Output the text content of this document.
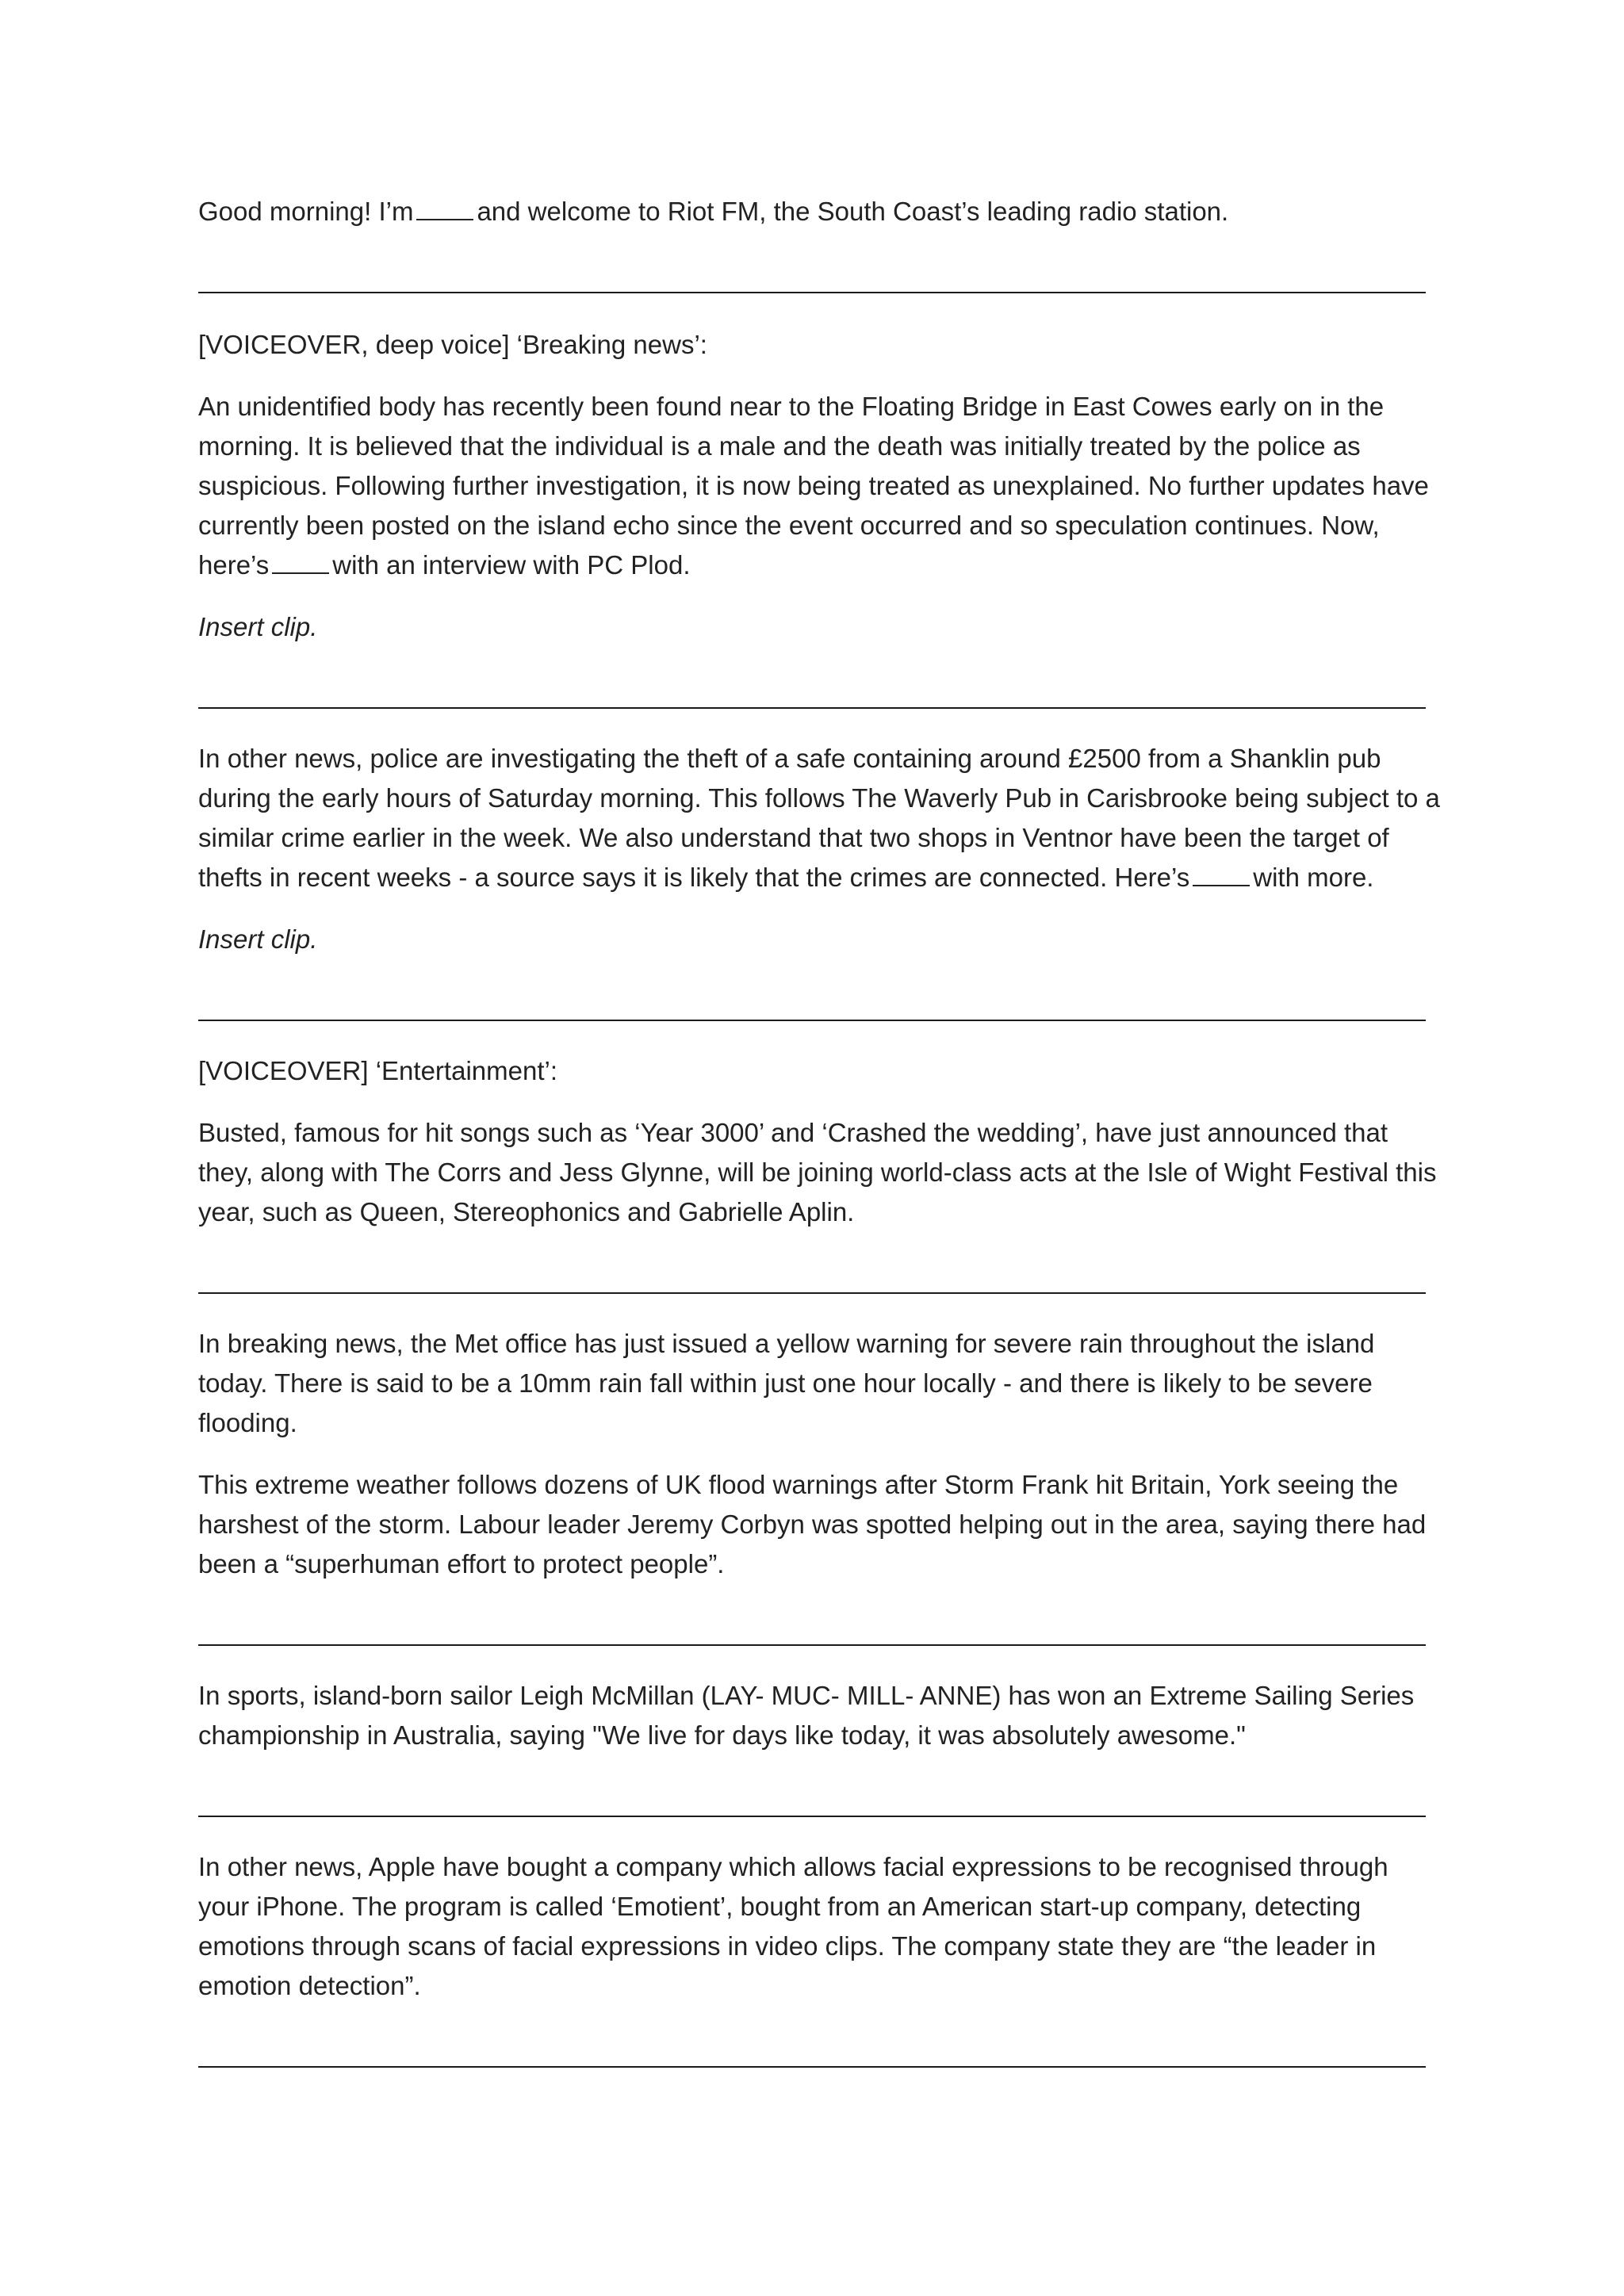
Good morning! I’m and welcome to Riot FM, the South Coast’s leading radio station.

[VOICEOVER, deep voice] ‘Breaking news’:

An unidentified body has recently been found near to the Floating Bridge in East Cowes early on in the morning. It is believed that the individual is a male and the death was initially treated by the police as suspicious. Following further investigation, it is now being treated as unexplained. No further updates have currently been posted on the island echo since the event occurred and so speculation continues. Now, here’s with an interview with PC Plod.

Insert clip.

In other news, police are investigating the theft of a safe containing around £2500 from a Shanklin pub during the early hours of Saturday morning. This follows The Waverly Pub in Carisbrooke being subject to a similar crime earlier in the week. We also understand that two shops in Ventnor have been the target of thefts in recent weeks - a source says it is likely that the crimes are connected. Here’s with more.

Insert clip.

[VOICEOVER] ‘Entertainment’:

Busted, famous for hit songs such as ‘Year 3000’ and ‘Crashed the wedding’, have just announced that they, along with The Corrs and Jess Glynne, will be joining world-class acts at the Isle of Wight Festival this year, such as Queen, Stereophonics and Gabrielle Aplin.

In breaking news, the Met office has just issued a yellow warning for severe rain throughout the island today. There is said to be a 10mm rain fall within just one hour locally - and there is likely to be severe flooding.

This extreme weather follows dozens of UK flood warnings after Storm Frank hit Britain, York seeing the harshest of the storm. Labour leader Jeremy Corbyn was spotted helping out in the area, saying there had been a “superhuman effort to protect people”.

In sports, island-born sailor Leigh McMillan (LAY- MUC- MILL- ANNE) has won an Extreme Sailing Series championship in Australia, saying "We live for days like today, it was absolutely awesome."

In other news, Apple have bought a company which allows facial expressions to be recognised through your iPhone. The program is called ‘Emotient’, bought from an American start-up company, detecting emotions through scans of facial expressions in video clips. The company state they are “the leader in emotion detection”.
